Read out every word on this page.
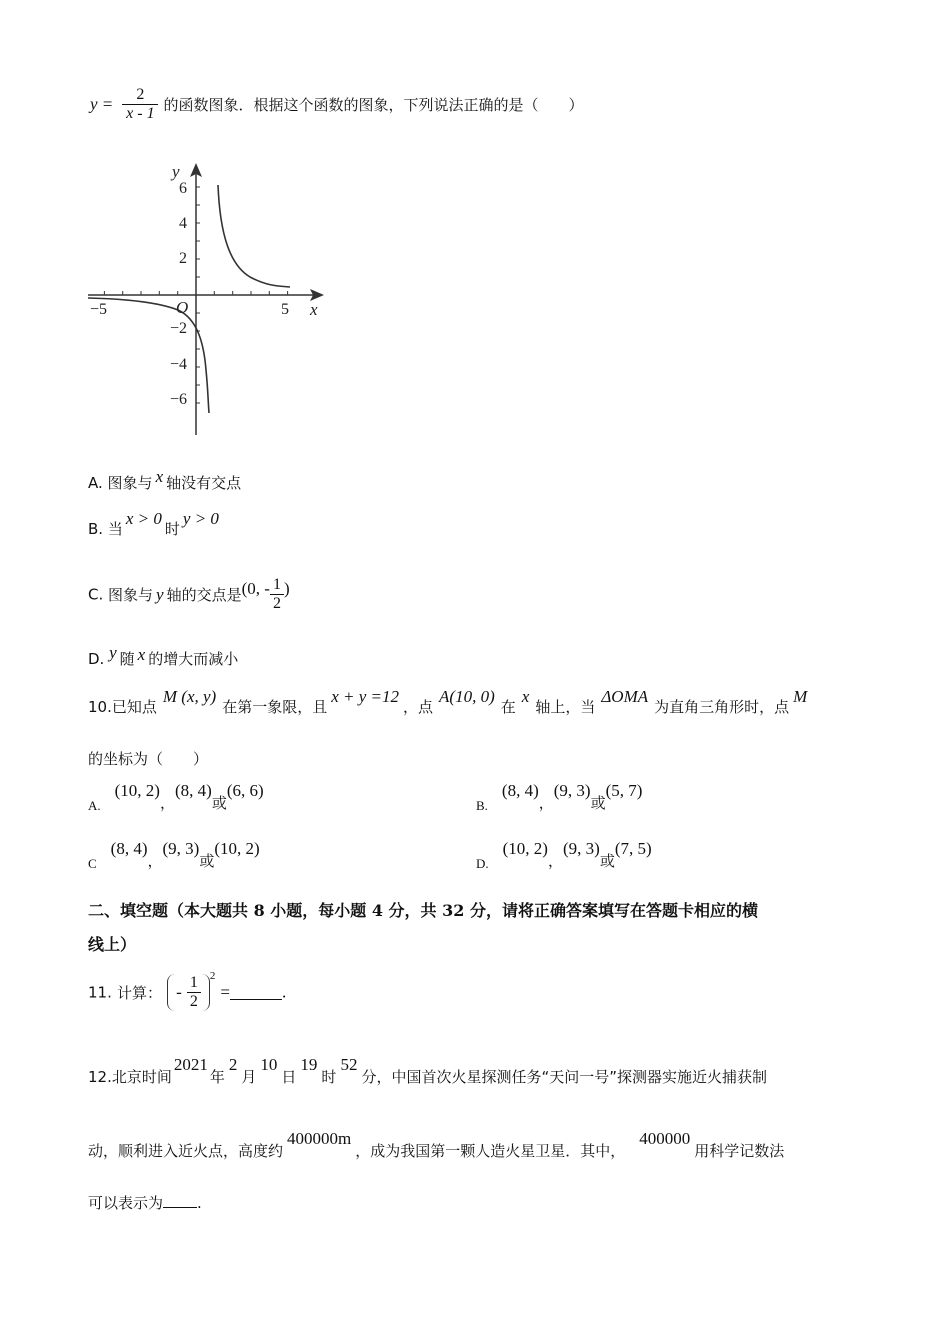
$y = \frac{2}{x - 1}$ 的函数图象．根据这个函数的图象，下列说法正确的是（　　）
y
x
O
−5	5
6
4
2
−2
−4
−6
A. 图象与 x 轴没有交点
B. 当x > 0时y > 0
C. 图象与 y 轴的交点是(0, - $\frac{1}{2}$ )
D. y 随 x 的增大而减小
10.已知点M (x, y)在第一象限，且x + y =12，点A(10, 0)在x轴上，当ΔOMA为直角三角形时，点M
的坐标为（　　）
$_{A.}$(10, 2)，(8, 4)或(6, 6)
$_{B.}$(8, 4)，(9, 3)或(5, 7)
$_C$(8, 4)，(9, 3)或(10, 2)
$_{D.}$(10, 2)，(9, 3)或(7, 5)
二、填空题（本大题共 8 小题，每小题 4 分，共 32 分，请将正确答案填写在答题卡相应的横
线上）
11. 计算： - $\frac{1}{2} ^2$ =	.
12.北京时间2021年2月10日19时52分，中国首次火星探测任务“天问一号”探测器实施近火捕获制
动，顺利进入近火点，高度约400000m，成为我国第一颗人造火星卫星．其中，400000用科学记数法
可以表示为 .
